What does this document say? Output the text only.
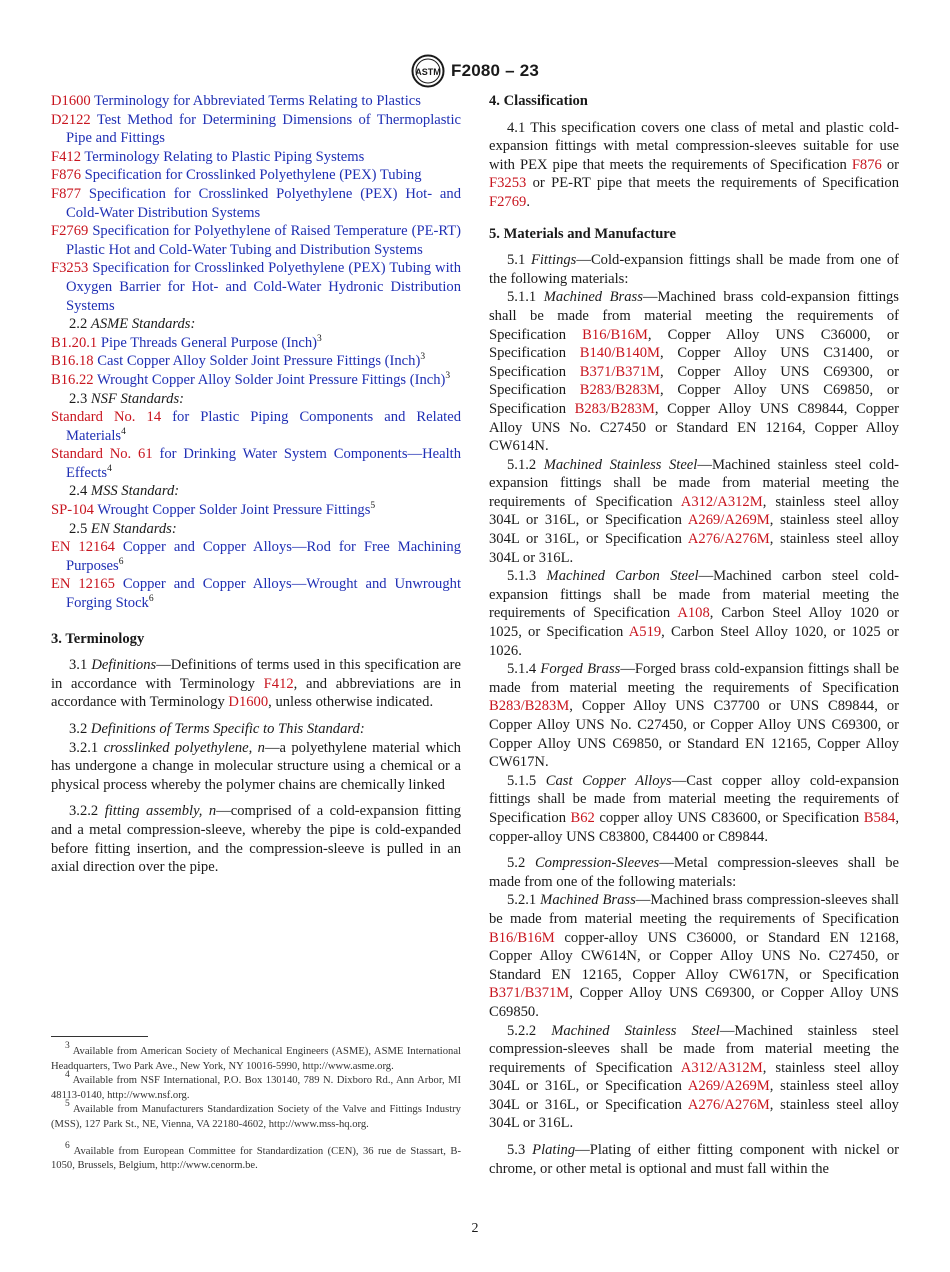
ASTM F2080 – 23
D1600 Terminology for Abbreviated Terms Relating to Plastics
D2122 Test Method for Determining Dimensions of Thermoplastic Pipe and Fittings
F412 Terminology Relating to Plastic Piping Systems
F876 Specification for Crosslinked Polyethylene (PEX) Tubing
F877 Specification for Crosslinked Polyethylene (PEX) Hot- and Cold-Water Distribution Systems
F2769 Specification for Polyethylene of Raised Temperature (PE-RT) Plastic Hot and Cold-Water Tubing and Distribution Systems
F3253 Specification for Crosslinked Polyethylene (PEX) Tubing with Oxygen Barrier for Hot- and Cold-Water Hydronic Distribution Systems
2.2 ASME Standards:
B1.20.1 Pipe Threads General Purpose (Inch)$^3$
B16.18 Cast Copper Alloy Solder Joint Pressure Fittings (Inch)$^3$
B16.22 Wrought Copper Alloy Solder Joint Pressure Fittings (Inch)$^3$
2.3 NSF Standards:
Standard No. 14 for Plastic Piping Components and Related Materials$^4$
Standard No. 61 for Drinking Water System Components—Health Effects$^4$
2.4 MSS Standard:
SP-104 Wrought Copper Solder Joint Pressure Fittings$^5$
2.5 EN Standards:
EN 12164 Copper and Copper Alloys—Rod for Free Machining Purposes$^6$
EN 12165 Copper and Copper Alloys—Wrought and Unwrought Forging Stock$^6$
3. Terminology
3.1 Definitions—Definitions of terms used in this specification are in accordance with Terminology F412, and abbreviations are in accordance with Terminology D1600, unless otherwise indicated.
3.2 Definitions of Terms Specific to This Standard:
3.2.1 crosslinked polyethylene, n—a polyethylene material which has undergone a change in molecular structure using a chemical or a physical process whereby the polymer chains are chemically linked
3.2.2 fitting assembly, n—comprised of a cold-expansion fitting and a metal compression-sleeve, whereby the pipe is cold-expanded before fitting insertion, and the compression-sleeve is pulled in an axial direction over the pipe.
$^3$ Available from American Society of Mechanical Engineers (ASME), ASME International Headquarters, Two Park Ave., New York, NY 10016-5990, http://www.asme.org.
$^4$ Available from NSF International, P.O. Box 130140, 789 N. Dixboro Rd., Ann Arbor, MI 48113-0140, http://www.nsf.org.
$^5$ Available from Manufacturers Standardization Society of the Valve and Fittings Industry (MSS), 127 Park St., NE, Vienna, VA 22180-4602, http://www.mss-hq.org.
$^6$ Available from European Committee for Standardization (CEN), 36 rue de Stassart, B-1050, Brussels, Belgium, http://www.cenorm.be.
4. Classification
4.1 This specification covers one class of metal and plastic cold-expansion fittings with metal compression-sleeves suitable for use with PEX pipe that meets the requirements of Specification F876 or F3253 or PE-RT pipe that meets the requirements of Specification F2769.
5. Materials and Manufacture
5.1 Fittings—Cold-expansion fittings shall be made from one of the following materials:
5.1.1 Machined Brass—Machined brass cold-expansion fittings shall be made from material meeting the requirements of Specification B16/B16M, Copper Alloy UNS C36000, or Specification B140/B140M, Copper Alloy UNS C31400, or Specification B371/B371M, Copper Alloy UNS C69300, or Specification B283/B283M, Copper Alloy UNS C69850, or Specification B283/B283M, Copper Alloy UNS C89844, Copper Alloy UNS No. C27450 or Standard EN 12164, Copper Alloy CW614N.
5.1.2 Machined Stainless Steel—Machined stainless steel cold-expansion fittings shall be made from material meeting the requirements of Specification A312/A312M, stainless steel alloy 304L or 316L, or Specification A269/A269M, stainless steel alloy 304L or 316L, or Specification A276/A276M, stainless steel alloy 304L or 316L.
5.1.3 Machined Carbon Steel—Machined carbon steel cold-expansion fittings shall be made from material meeting the requirements of Specification A108, Carbon Steel Alloy 1020 or 1025, or Specification A519, Carbon Steel Alloy 1020, or 1025 or 1026.
5.1.4 Forged Brass—Forged brass cold-expansion fittings shall be made from material meeting the requirements of Specification B283/B283M, Copper Alloy UNS C37700 or UNS C89844, or Copper Alloy UNS No. C27450, or Copper Alloy UNS C69300, or Copper Alloy UNS C69850, or Standard EN 12165, Copper Alloy CW617N.
5.1.5 Cast Copper Alloys—Cast copper alloy cold-expansion fittings shall be made from material meeting the requirements of Specification B62 copper alloy UNS C83600, or Specification B584, copper-alloy UNS C83800, C84400 or C89844.
5.2 Compression-Sleeves—Metal compression-sleeves shall be made from one of the following materials:
5.2.1 Machined Brass—Machined brass compression-sleeves shall be made from material meeting the requirements of Specification B16/B16M copper-alloy UNS C36000, or Standard EN 12168, Copper Alloy CW614N, or Copper Alloy UNS No. C27450, or Standard EN 12165, Copper Alloy CW617N, or Specification B371/B371M, Copper Alloy UNS C69300, or Copper Alloy UNS C69850.
5.2.2 Machined Stainless Steel—Machined stainless steel compression-sleeves shall be made from material meeting the requirements of Specification A312/A312M, stainless steel alloy 304L or 316L, or Specification A269/A269M, stainless steel alloy 304L or 316L, or Specification A276/A276M, stainless steel alloy 304L or 316L.
5.3 Plating—Plating of either fitting component with nickel or chrome, or other metal is optional and must fall within the
2
